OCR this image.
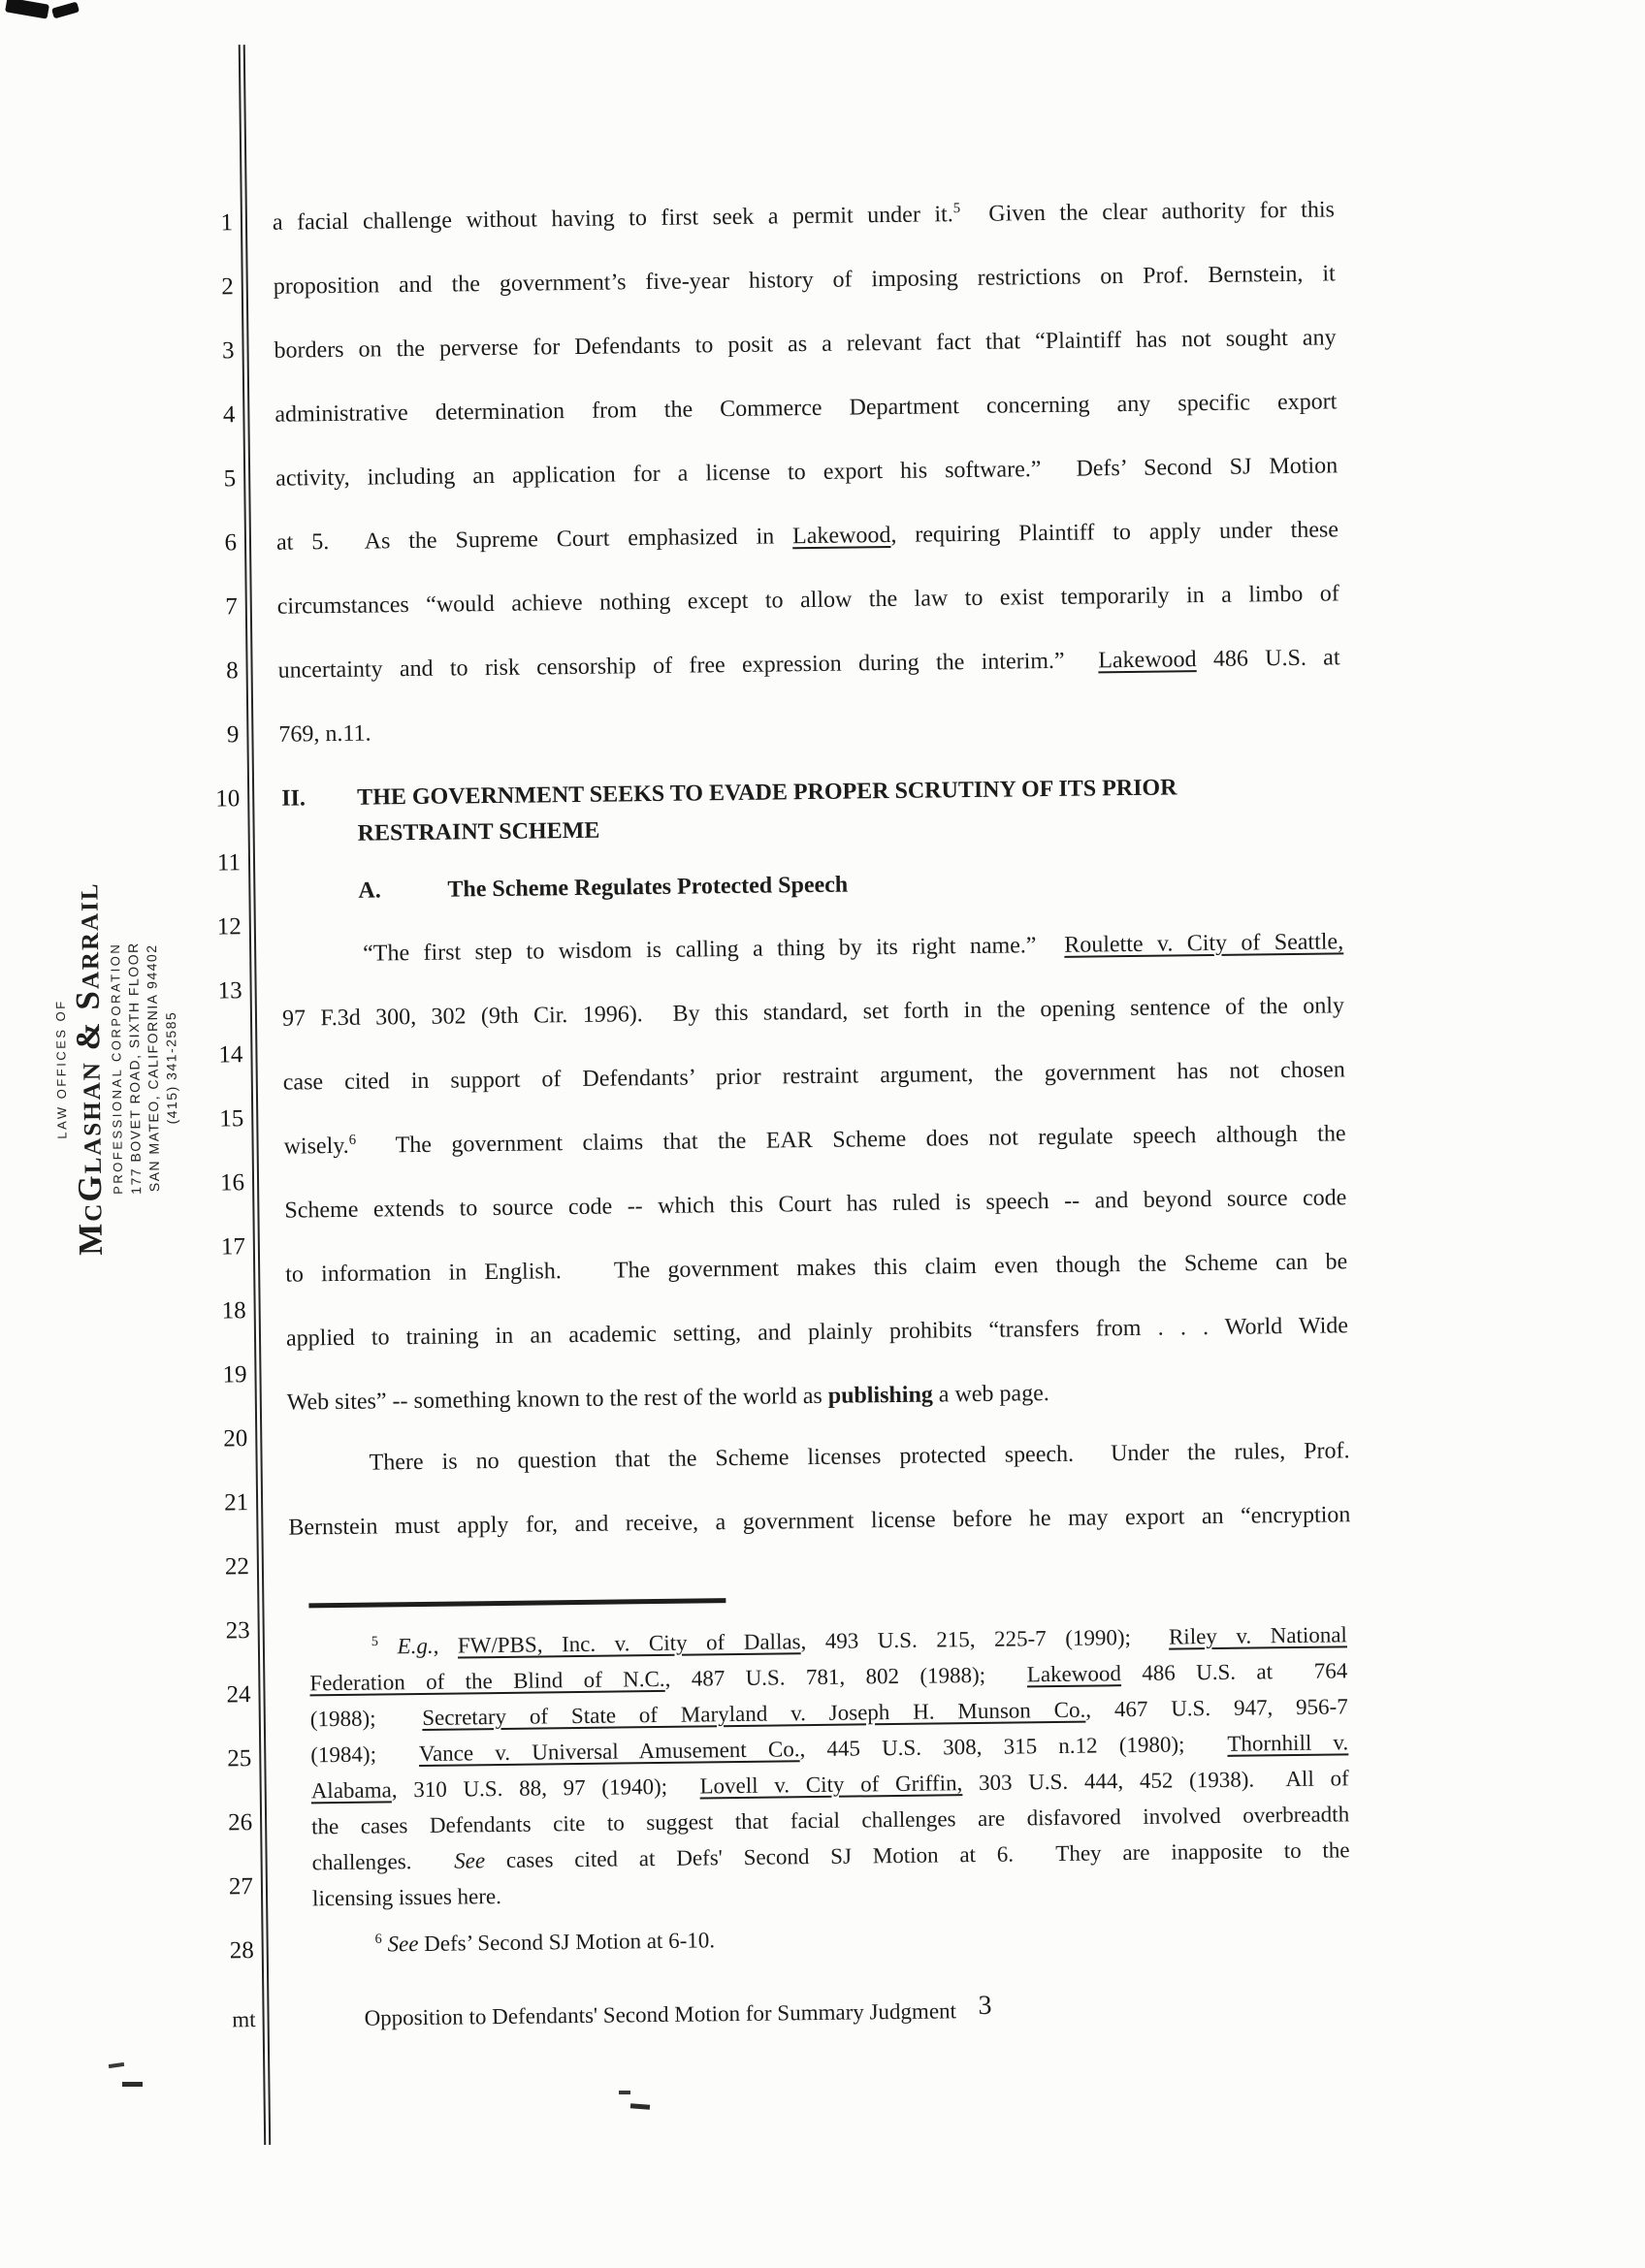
1
2
3
4
5
6
7
8
9
10
11
12
13
14
15
16
17
18
19
20
21
22
23
24
25
26
27
28
LAW OFFICES OF
McGlashan & Sarrail
PROFESSIONAL CORPORATION 177 BOVET ROAD, SIXTH FLOOR SAN MATEO, CALIFORNIA 94402 (415) 341-2585
a facial challenge without having to first seek a permit under it.$^5$  Given the clear authority for this
proposition and the government’s five-year history of imposing restrictions on Prof. Bernstein, it
borders on the perverse for Defendants to posit as a relevant fact that “Plaintiff has not sought any
administrative determination from the Commerce Department concerning any specific export
activity, including an application for a license to export his software.”  Defs’ Second SJ Motion
at 5.  As the Supreme Court emphasized in Lakewood, requiring Plaintiff to apply under these
circumstances “would achieve nothing except to allow the law to exist temporarily in a limbo of
uncertainty and to risk censorship of free expression during the interim.”  Lakewood 486 U.S. at
769, n.11.
II.	THE GOVERNMENT SEEKS TO EVADE PROPER SCRUTINY OF ITS PRIOR
RESTRAINT SCHEME
A.	The Scheme Regulates Protected Speech
“The first step to wisdom is calling a thing by its right name.”  Roulette v. City of Seattle,
97 F.3d 300, 302 (9th Cir. 1996).  By this standard, set forth in the opening sentence of the only
case cited in support of Defendants’ prior restraint argument, the government has not chosen
wisely.$^6$  The government claims that the EAR Scheme does not regulate speech although the
Scheme extends to source code -- which this Court has ruled is speech -- and beyond source code
to information in English.   The government makes this claim even though the Scheme can be
applied to training in an academic setting, and plainly prohibits “transfers from . . . World Wide
Web sites” -- something known to the rest of the world as publishing a web page.
There is no question that the Scheme licenses protected speech.  Under the rules, Prof.
Bernstein must apply for, and receive, a government license before he may export an “encryption
$^5$ E.g., FW/PBS, Inc. v. City of Dallas, 493 U.S. 215, 225-7 (1990);  Riley v. National
Federation of the Blind of N.C., 487 U.S. 781, 802 (1988);  Lakewood 486 U.S. at  764
(1988);  Secretary of State of Maryland v. Joseph H. Munson Co., 467 U.S. 947, 956-7
(1984);  Vance v. Universal Amusement Co., 445 U.S. 308, 315 n.12 (1980);  Thornhill v.
Alabama, 310 U.S. 88, 97 (1940);  Lovell v. City of Griffin, 303 U.S. 444, 452 (1938).  All of
the cases Defendants cite to suggest that facial challenges are disfavored involved overbreadth
challenges.  See cases cited at Defs' Second SJ Motion at 6.  They are inapposite to the
licensing issues here.
$^6$ See Defs’ Second SJ Motion at 6-10.
mt	Opposition to Defendants' Second Motion for Summary Judgment 3
